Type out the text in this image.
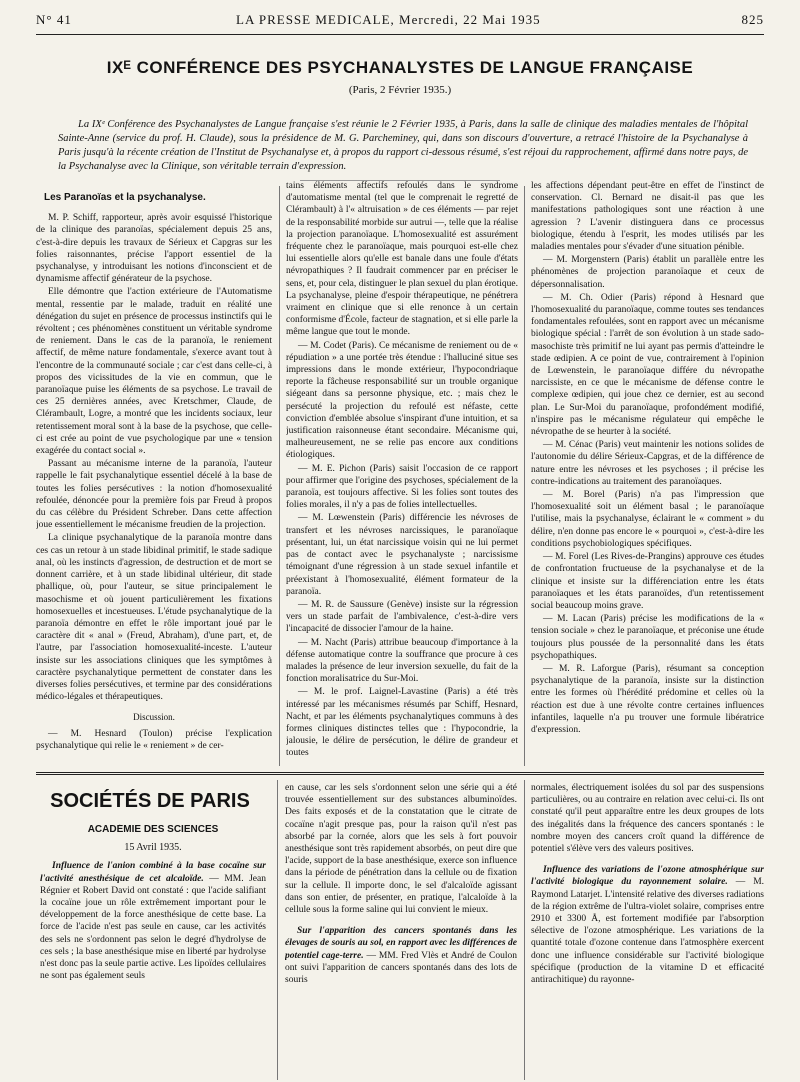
N° 41	LA PRESSE MEDICALE, Mercredi, 22 Mai 1935	825
IXᴱ CONFÉRENCE DES PSYCHANALYSTES DE LANGUE FRANÇAISE
(Paris, 2 Février 1935.)
La IXᵉ Conférence des Psychanalystes de Langue française s'est réunie le 2 Février 1935, à Paris, dans la salle de clinique des maladies mentales de l'hôpital Sainte-Anne (service du prof. H. Claude), sous la présidence de M. G. Parcheminey, qui, dans son discours d'ouverture, a retracé l'histoire de la Psychanalyse à Paris jusqu'à la récente création de l'Institut de Psychanalyse et, à propos du rapport ci-dessous résumé, s'est réjoui du rapprochement, affirmé dans notre pays, de la Psychanalyse avec la Clinique, son véritable terrain d'expression.
Les Paranoïas et la psychanalyse.

M. P. Schiff, rapporteur, après avoir esquissé l'historique de la clinique des paranoïas, spécialement depuis 25 ans, c'est-à-dire depuis les travaux de Sérieux et Capgras sur les folies raisonnantes, précise l'apport essentiel de la psychanalyse, y introduisant les notions d'inconscient et de dynamisme affectif générateur de la psychose.

Elle démontre que l'action extérieure de l'Automatisme mental, ressentie par le malade, traduit en réalité une dénégation du sujet en présence de processus instinctifs qui le révoltent ; ces phénomènes constituent un véritable syndrome de reniement. Dans le cas de la paranoïa, le reniement affectif, de même nature fondamentale, s'exerce avant tout à l'encontre de la communauté sociale ; car c'est dans celle-ci, à propos des vicissitudes de la vie en commun, que le paranoïaque puise les éléments de sa psychose. Le travail de ces 25 dernières années, avec Kretschmer, Claude, de Clérambault, Logre, a montré que les incidents sociaux, leur retentissement moral sont à la base de la psychose, que celle-ci est crée au point de vue psychologique par une « tension exagérée du contact social ».

Passant au mécanisme interne de la paranoïa, l'auteur rappelle le fait psychanalytique essentiel décelé à la base de toutes les folies persécutives : la notion d'homosexualité refoulée, dénoncée pour la première fois par Freud à propos du cas célèbre du Président Schreber. Dans cette affection joue essentiellement le mécanisme freudien de la projection.

La clinique psychanalytique de la paranoïa montre dans ces cas un retour à un stade libidinal primitif, le stade sadique anal, où les instincts d'agression, de destruction et de mort se donnent carrière, et à un stade libidinal ultérieur, dit stade phallique, où, pour l'auteur, se situe principalement le masochisme et où jouent particulièrement les fixations homosexuelles et incestueuses. L'étude psychanalytique de la paranoïa démontre en effet le rôle important joué par le caractère dit « anal » (Freud, Abraham), d'une part, et, de l'autre, par l'association homosexualité-inceste. L'auteur insiste sur les associations cliniques que les symptômes à caractère psychanalytique permettent de constater dans les diverses folies persécutives, et termine par des considérations médico-légales et thérapeutiques.

Discussion.

— M. Hesnard (Toulon) précise l'explication psychanalytique qui relie le « reniement » de cer-

tains éléments affectifs refoulés dans le syndrome d'automatisme mental (tel que le comprenait le regretté de Clérambault) à l'« altruisation » de ces éléments — par rejet de la responsabilité morbide sur autrui —, telle que la réalise la projection paranoïaque. L'homosexualité est assurément fréquente chez le paranoïaque, mais pourquoi est-elle chez lui essentielle alors qu'elle est banale dans une foule d'états névropathiques ? Il faudrait commencer par en préciser le sens, et, pour cela, distinguer le plan sexuel du plan érotique. La psychanalyse, pleine d'espoir thérapeutique, ne pénétrera vraiment en clinique que si elle renonce à un certain conformisme d'École, facteur de stagnation, et si elle parle la même langue que tout le monde.

— M. Codet (Paris). Ce mécanisme de reniement ou de « répudiation » a une portée très étendue : l'halluciné situe ses impressions dans le monde extérieur, l'hypocondriaque reporte la fâcheuse responsabilité sur un trouble organique siégeant dans sa personne physique, etc. ; mais chez le persécuté la projection du refoulé est néfaste, cette conviction d'emblée absolue s'inspirant d'une intuition, et sa justification raisonneuse étant secondaire. Mécanisme qui, malheureusement, ne se relie pas encore aux conditions étiologiques.

— M. E. Pichon (Paris) saisit l'occasion de ce rapport pour affirmer que l'origine des psychoses, spécialement de la paranoïa, est toujours affective. Si les folies sont toutes des folies morales, il n'y a pas de folies intellectuelles.

— M. Lœwenstein (Paris) différencie les névroses de transfert et les névroses narcissiques, le paranoïaque présentant, lui, un état narcissique voisin qui ne lui permet pas de contact avec le psychanalyste ; narcissisme témoignant d'une régression à un stade sexuel infantile et préexistant à l'homosexualité, élément formateur de la paranoïa.

— M. R. de Saussure (Genève) insiste sur la régression vers un stade parfait de l'ambivalence, c'est-à-dire vers l'incapacité de dissocier l'amour de la haine.

— M. Nacht (Paris) attribue beaucoup d'importance à la défense automatique contre la souffrance que procure à ces malades la présence de leur inversion sexuelle, du fait de la fonction moralisatrice du Sur-Moi.

— M. le prof. Laignel-Lavastine (Paris) a été très intéressé par les mécanismes résumés par Schiff, Hesnard, Nacht, et par les éléments psychanalytiques communs à des formes cliniques distinctes telles que : l'hypocondrie, la jalousie, le délire de persécution, le délire de grandeur et toutes

les affections dépendant peut-être en effet de l'instinct de conservation. Cl. Bernard ne disait-il pas que les manifestations pathologiques sont une réaction à une agression ? L'avenir distinguera dans ce processus biologique, étendu à l'esprit, les modes utilisés par les maladies mentales pour s'évader d'une situation pénible.

— M. Morgenstern (Paris) établit un parallèle entre les phénomènes de projection paranoïaque et ceux de dépersonnalisation.

— M. Ch. Odier (Paris) répond à Hesnard que l'homosexualité du paranoïaque, comme toutes ses tendances fondamentales refoulées, sont en rapport avec un mécanisme biologique spécial : l'arrêt de son évolution à un stade sado-masochiste très primitif ne lui ayant pas permis d'atteindre le stade œdipien. A ce point de vue, contrairement à l'opinion de Lœwenstein, le paranoïaque différe du névropathe narcissiste, en ce que le mécanisme de défense contre le complexe œdipien, qui joue chez ce dernier, est au second plan. Le Sur-Moi du paranoïaque, profondément modifié, n'inspire pas le mécanisme régulateur qui empêche le névropathe de se heurter à la société.

— M. Cénac (Paris) veut maintenir les notions solides de l'autonomie du délire Sérieux-Capgras, et de la différence de nature entre les névroses et les psychoses ; il précise les contre-indications au traitement des paranoïaques.

— M. Borel (Paris) n'a pas l'impression que l'homosexualité soit un élément basal ; le paranoïaque l'utilise, mais la psychanalyse, éclairant le « comment » du délire, n'en donne pas encore le « pourquoi », c'est-à-dire les conditions psychobiologiques spécifiques.

— M. Forel (Les Rives-de-Prangins) approuve ces études de confrontation fructueuse de la psychanalyse et de la clinique et insiste sur la différenciation entre les états paranoïaques et les états paranoïdes, d'un retentissement social beaucoup moins grave.

— M. Lacan (Paris) précise les modifications de la « tension sociale » chez le paranoïaque, et préconise une étude toujours plus poussée de la personnalité dans les états psychopathiques.

— M. R. Laforgue (Paris), résumant sa conception psychanalytique de la paranoïa, insiste sur la distinction entre les formes où l'hérédité prédomine et celles où la réaction est due à une révolte contre certaines influences infantiles, laquelle n'a pu trouver une formule libératrice d'expression.

SOCIÉTÉS DE PARIS
ACADÉMIE DES SCIENCES
15 Avril 1935.

Influence de l'anion combiné à la base cocaïne sur l'activité anesthésique de cet alcaloïde. — MM. Jean Régnier et Robert David ont constaté : que l'acide salifiant la cocaïne joue un rôle extrêmement important pour le développement de la force anesthésique de cette base. La force de l'acide n'est pas seule en cause, car les activités des sels ne s'ordonnent pas selon le degré d'hydrolyse de ces sels ; la base anesthésique mise en liberté par hydrolyse n'est donc pas la seule partie active. Les lipoïdes cellulaires ne sont pas également seuls

en cause, car les sels s'ordonnent selon une série qui a été trouvée essentiellement sur des substances albuminoïdes. Des faits exposés et de la constatation que le citrate de cocaïne n'agit presque pas, pour la raison qu'il n'est pas absorbé par la cornée, alors que les sels à fort pouvoir anesthésique sont très rapidement absorbés, on peut dire que l'acide, support de la base anesthésique, exerce son influence dans la période de pénétration dans la cellule ou de fixation sur la cellule. Il importe donc, le sel d'alcaloïde agissant dans son entier, de présenter, en pratique, l'alcaloïde à la cellule sous la forme saline qui lui convient le mieux.

Sur l'apparition des cancers spontanés dans les élevages de souris au sol, en rapport avec les différences de potentiel cage-terre. — MM. Fred Vlès et André de Coulon ont suivi l'apparition de cancers spontanés dans des lots de souris

normales, électriquement isolées du sol par des suspensions particulières, ou au contraire en relation avec celui-ci. Ils ont constaté qu'il peut apparaître entre les deux groupes de lots des inégalités dans la fréquence des cancers spontanés : le nombre moyen des cancers croît quand la différence de potentiel s'élève vers des valeurs positives.

Influence des variations de l'ozone atmosphérique sur l'activité biologique du rayonnement solaire. — M. Raymond Latarjet. L'intensité relative des diverses radiations de la région extrême de l'ultra-violet solaire, comprises entre 2910 et 3300 Å, est fortement modifiée par l'absorption sélective de l'ozone atmosphérique. Les variations de la quantité totale d'ozone contenue dans l'atmosphère exercent donc une influence considérable sur l'activité biologique spécifique (production de la vitamine D et efficacité antirachitique) du rayonne-
